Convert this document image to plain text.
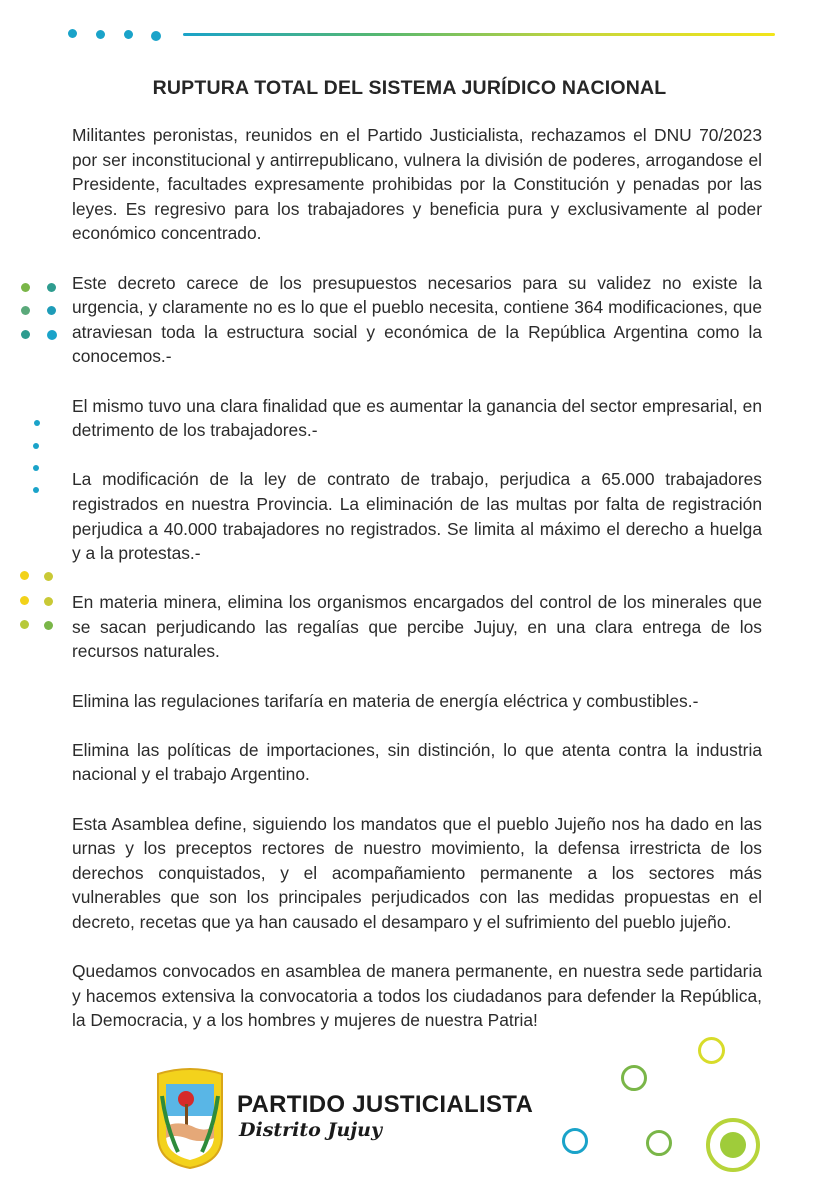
RUPTURA TOTAL DEL SISTEMA JURÍDICO NACIONAL

Militantes peronistas, reunidos en el Partido Justicialista, rechazamos el DNU 70/2023 por ser inconstitucional y antirrepublicano, vulnera la división de poderes, arrogandose el Presidente, facultades expresamente prohibidas por la Constitución y penadas por las leyes. Es regresivo para los trabajadores y beneficia pura y exclusivamente al poder económico concentrado.

Este decreto carece de los presupuestos necesarios para su validez no existe la urgencia, y claramente no es lo que el pueblo necesita, contiene 364 modificaciones, que atraviesan toda la estructura social y económica de la República Argentina como la conocemos.-

El mismo tuvo una clara finalidad que es aumentar la ganancia del sector empresarial, en detrimento de los trabajadores.-

La modificación de la ley de contrato de trabajo, perjudica a 65.000 trabajadores registrados en nuestra Provincia. La eliminación de las multas por falta de registración perjudica a 40.000 trabajadores no registrados. Se limita al máximo el derecho a huelga y a la protestas.-

En materia minera, elimina los organismos encargados del control de los minerales que se sacan perjudicando las regalías que percibe Jujuy, en una clara entrega de los recursos naturales.

Elimina las regulaciones tarifaría en materia de energía eléctrica y combustibles.-

Elimina las políticas de importaciones, sin distinción, lo que atenta contra la industria nacional y el trabajo Argentino.

Esta Asamblea define, siguiendo los mandatos que el pueblo Jujeño nos ha dado en las urnas y los preceptos rectores de nuestro movimiento, la defensa irrestricta de los derechos conquistados, y el acompañamiento permanente a los sectores más vulnerables que son los principales perjudicados con las medidas propuestas en el decreto, recetas que ya han causado el desamparo y el sufrimiento del pueblo jujeño.

Quedamos convocados en asamblea de manera permanente, en nuestra sede partidaria y hacemos extensiva la convocatoria a todos los ciudadanos para defender la República, la Democracia, y a los hombres y mujeres de nuestra Patria!

PARTIDO JUSTICIALISTA
Distrito Jujuy
